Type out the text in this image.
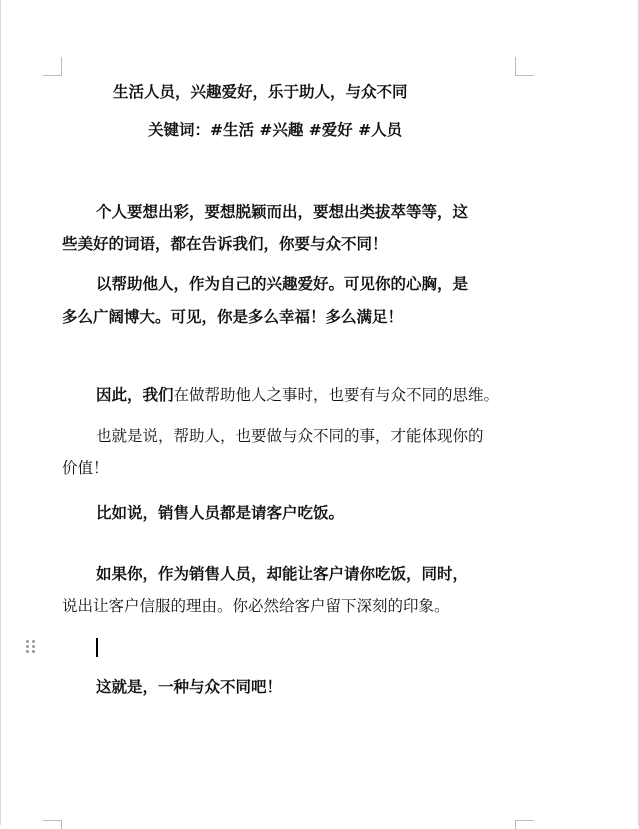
生活人员，兴趣爱好，乐于助人，与众不同
关键词：#生活 #兴趣 #爱好 #人员
个人要想出彩，要想脱颖而出，要想出类拔萃等等，这
些美好的词语，都在告诉我们，你要与众不同！
以帮助他人，作为自己的兴趣爱好。可见你的心胸，是
多么广阔博大。可见，你是多么幸福！多么满足！
因此，我们在做帮助他人之事时，也要有与众不同的思维。
也就是说，帮助人，也要做与众不同的事，才能体现你的
价值！
比如说，销售人员都是请客户吃饭。
如果你，作为销售人员，却能让客户请你吃饭，同时，
说出让客户信服的理由。你必然给客户留下深刻的印象。
这就是，一种与众不同吧！
